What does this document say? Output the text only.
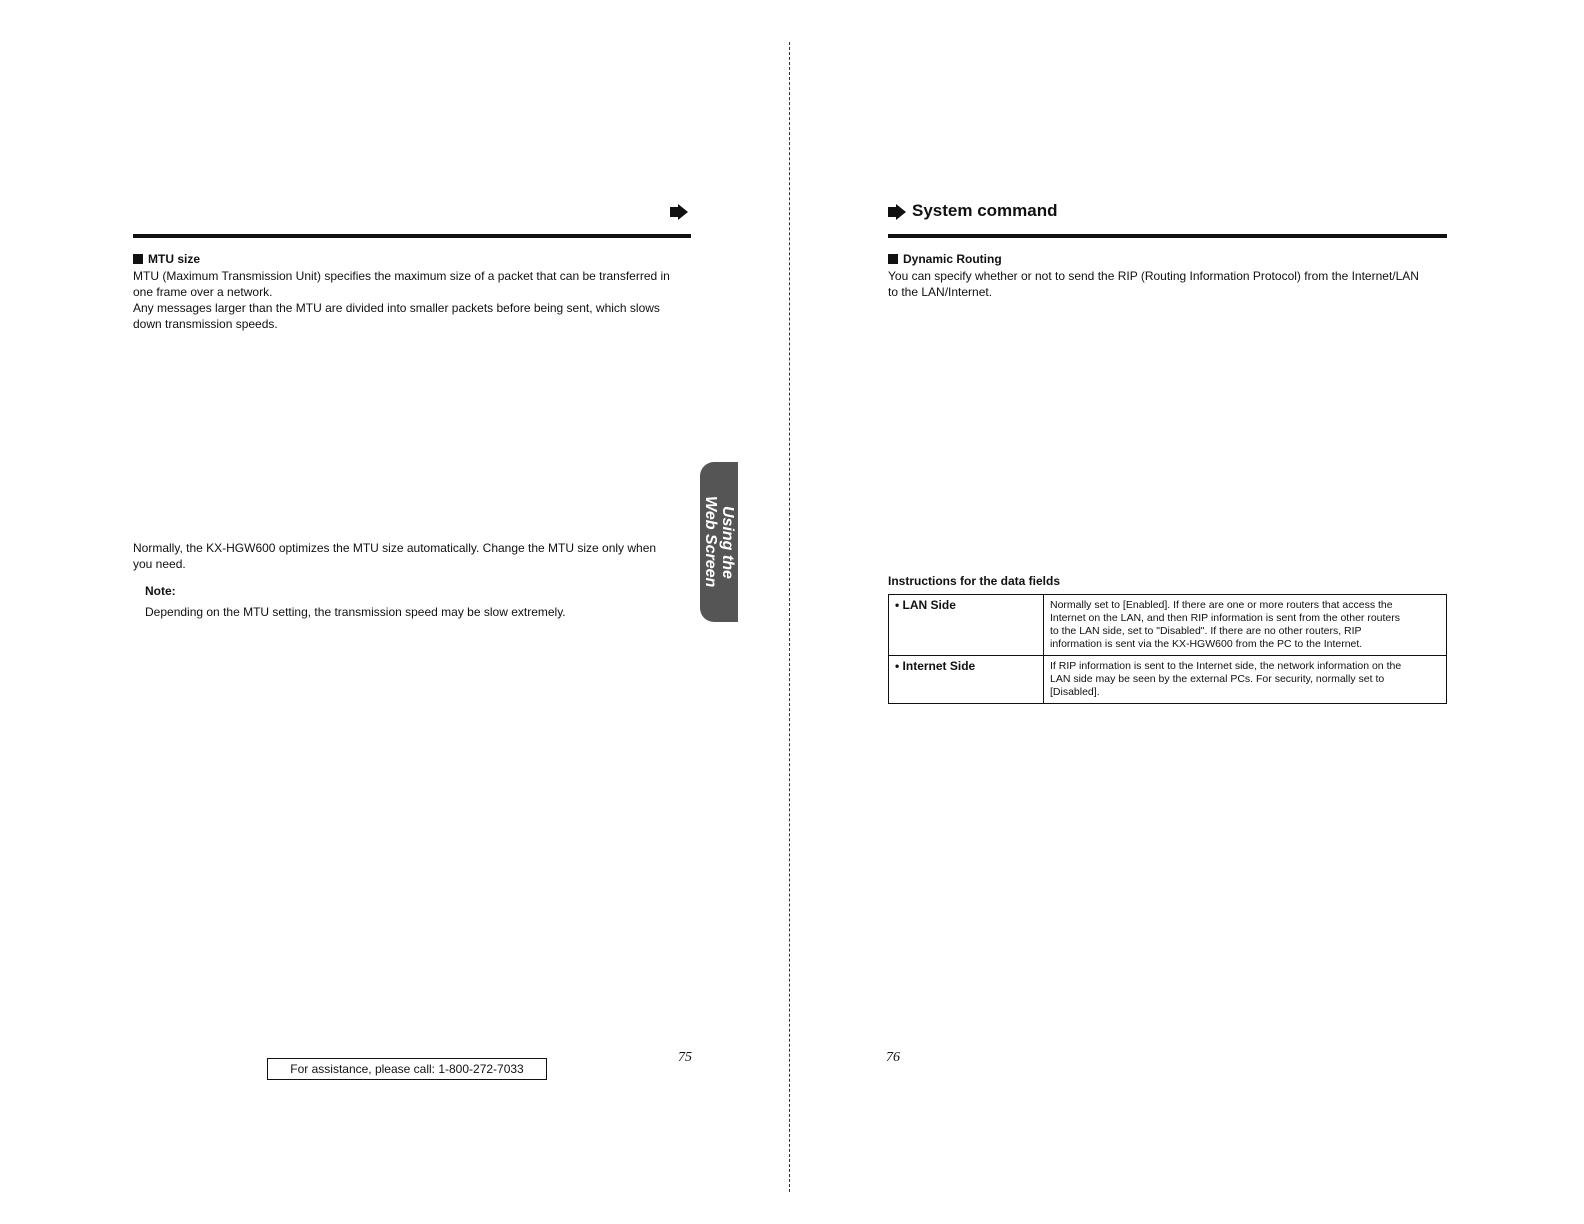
MTU size
MTU (Maximum Transmission Unit) specifies the maximum size of a packet that can be transferred in
one frame over a network.
Any messages larger than the MTU are divided into smaller packets before being sent, which slows
down transmission speeds.
Normally, the KX-HGW600 optimizes the MTU size automatically. Change the MTU size only when
you need.
Note:
Depending on the MTU setting, the transmission speed may be slow extremely.
Using the
Web Screen
75
For assistance, please call: 1-800-272-7033
System command
Dynamic Routing
You can specify whether or not to send the RIP (Routing Information Protocol) from the Internet/LAN
to the LAN/Internet.
Instructions for the data fields
76
• LAN Side	Normally set to [Enabled]. If there are one or more routers that access the
Internet on the LAN, and then RIP information is sent from the other routers
to the LAN side, set to "Disabled". If there are no other routers, RIP
information is sent via the KX-HGW600 from the PC to the Internet.

• Internet Side	If RIP information is sent to the Internet side, the network information on the
LAN side may be seen by the external PCs. For security, normally set to
[Disabled].
